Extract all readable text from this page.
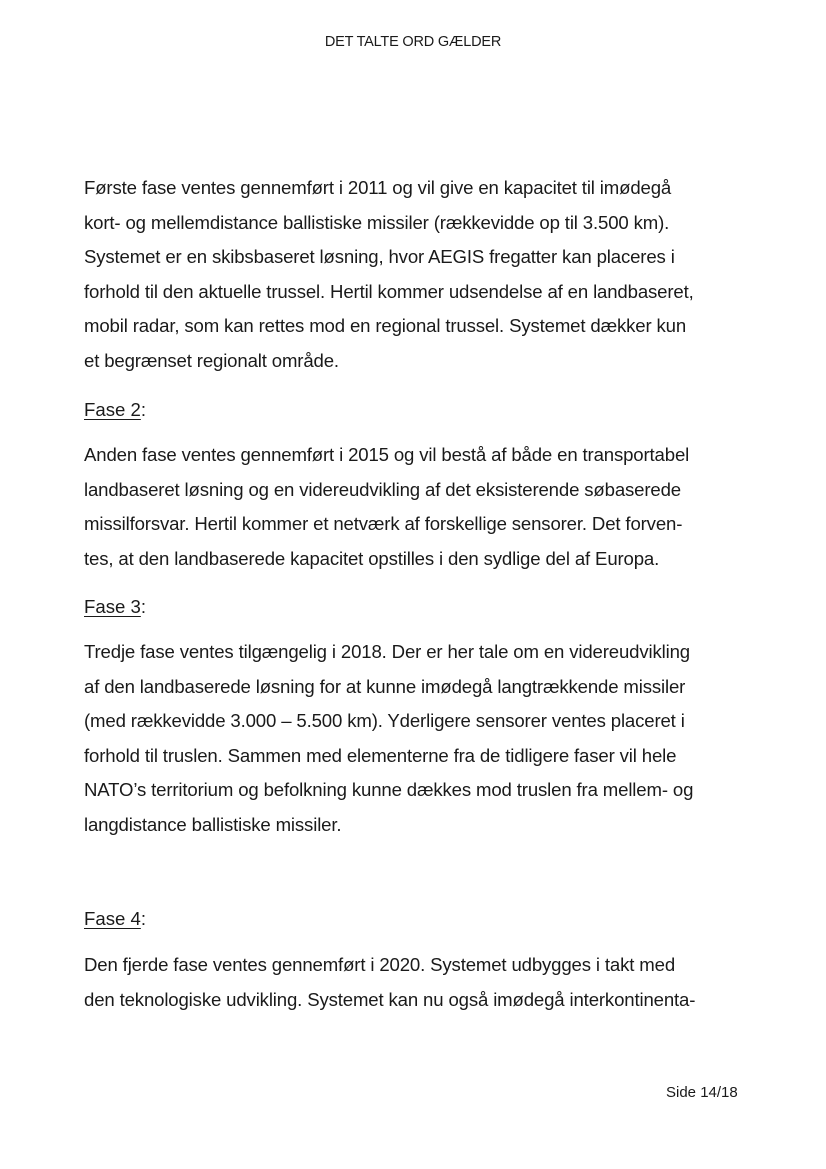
DET TALTE ORD GÆLDER

Første fase ventes gennemført i 2011 og vil give en kapacitet til imødegå
kort- og mellemdistance ballistiske missiler (rækkevidde op til 3.500 km).
Systemet er en skibsbaseret løsning, hvor AEGIS fregatter kan placeres i
forhold til den aktuelle trussel. Hertil kommer udsendelse af en landbaseret,
mobil radar, som kan rettes mod en regional trussel. Systemet dækker kun
et begrænset regionalt område.

Fase 2:

Anden fase ventes gennemført i 2015 og vil bestå af både en transportabel
landbaseret løsning og en videreudvikling af det eksisterende søbaserede
missilforsvar. Hertil kommer et netværk af forskellige sensorer. Det forven-
tes, at den landbaserede kapacitet opstilles i den sydlige del af Europa.

Fase 3:

Tredje fase ventes tilgængelig i 2018. Der er her tale om en videreudvikling
af den landbaserede løsning for at kunne imødegå langtrækkende missiler
(med rækkevidde 3.000 – 5.500 km). Yderligere sensorer ventes placeret i
forhold til truslen. Sammen med elementerne fra de tidligere faser vil hele
NATO’s territorium og befolkning kunne dækkes mod truslen fra mellem- og
langdistance ballistiske missiler.

Fase 4:

Den fjerde fase ventes gennemført i 2020. Systemet udbygges i takt med
den teknologiske udvikling. Systemet kan nu også imødegå interkontinenta-

Side 14/18
